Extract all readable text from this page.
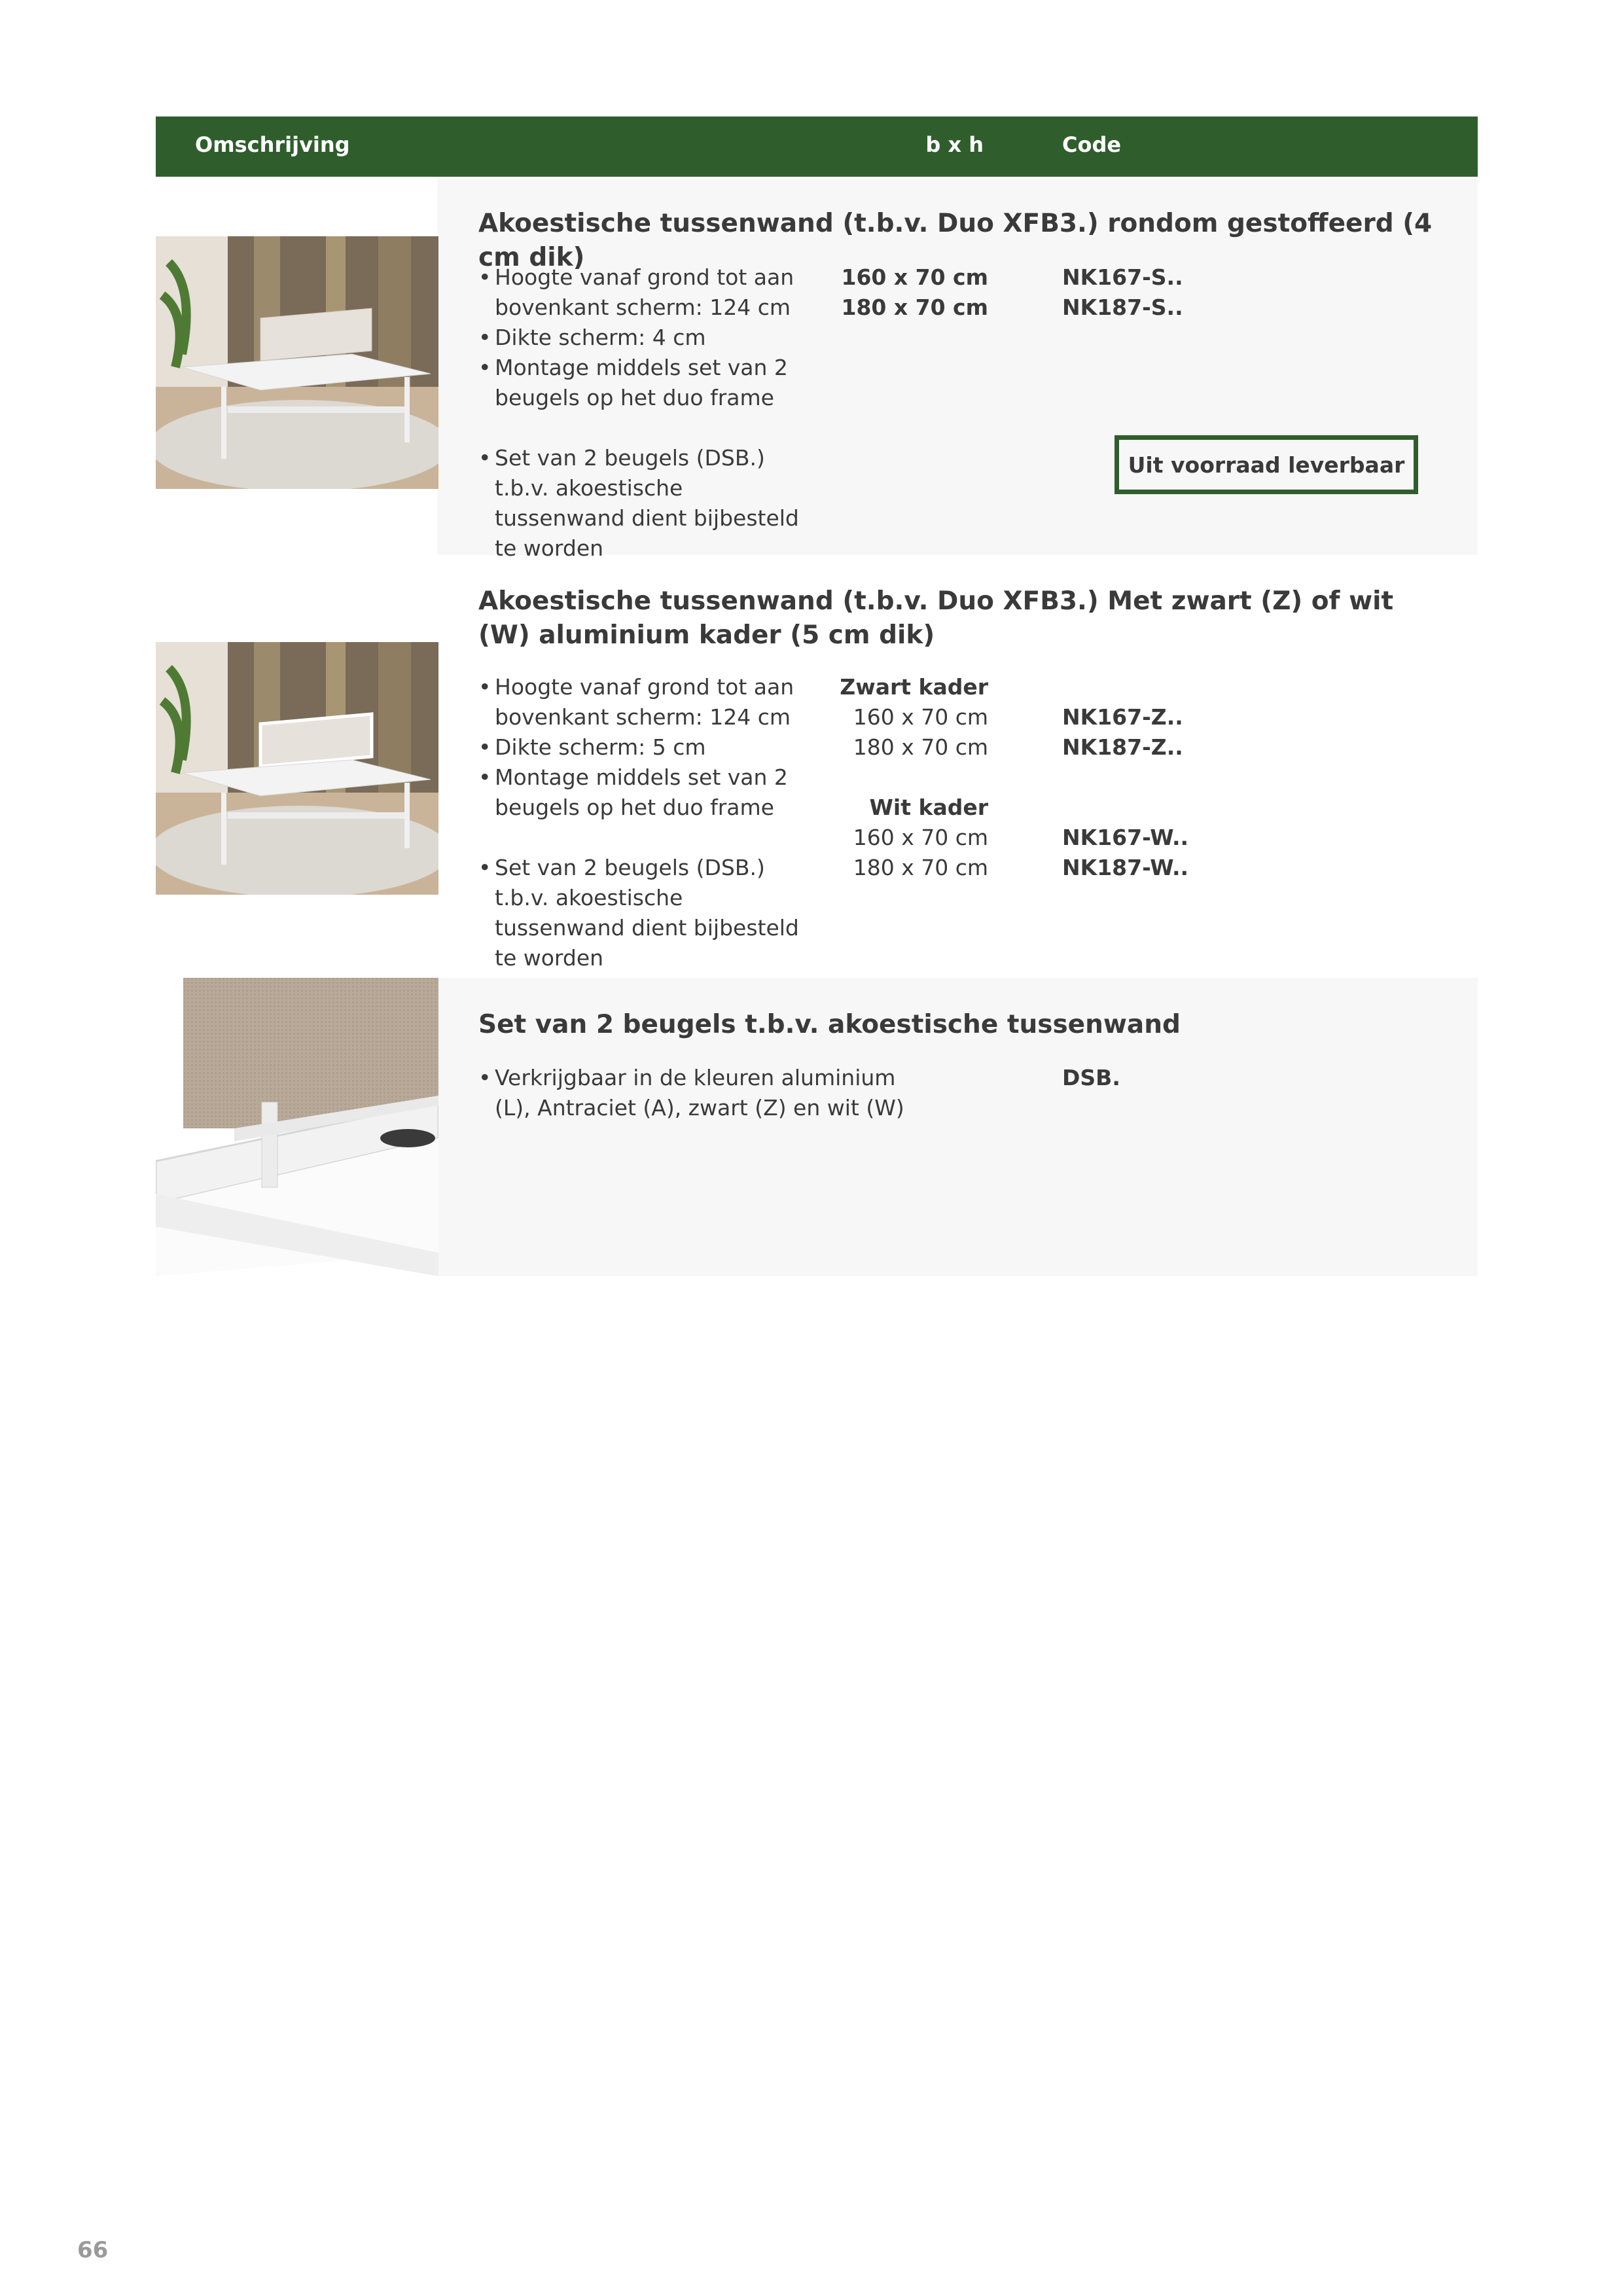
Omschrijving	b x h	Code
Akoestische tussenwand (t.b.v. Duo XFB3.) rondom gestoffeerd (4 cm dik)
• Hoogte vanaf grond tot aan bovenkant scherm: 124 cm
• Dikte scherm: 4 cm
• Montage middels set van 2 beugels op het duo frame
• Set van 2 beugels (DSB.) t.b.v. akoestische tussenwand dient bijbesteld te worden
160 x 70 cm
180 x 70 cm
NK167-S..
NK187-S..
Uit voorraad leverbaar
Akoestische tussenwand (t.b.v. Duo XFB3.) Met zwart (Z) of wit (W) aluminium kader (5 cm dik)
• Hoogte vanaf grond tot aan bovenkant scherm: 124 cm
• Dikte scherm: 5 cm
• Montage middels set van 2 beugels op het duo frame
• Set van 2 beugels (DSB.) t.b.v. akoestische tussenwand dient bijbesteld te worden
Zwart kader
160 x 70 cm
180 x 70 cm
Wit kader
160 x 70 cm
180 x 70 cm
NK167-Z..
NK187-Z..
NK167-W..
NK187-W..
Set van 2 beugels t.b.v. akoestische tussenwand
• Verkrijgbaar in de kleuren aluminium (L), Antraciet (A), zwart (Z) en wit (W)
DSB.
66
